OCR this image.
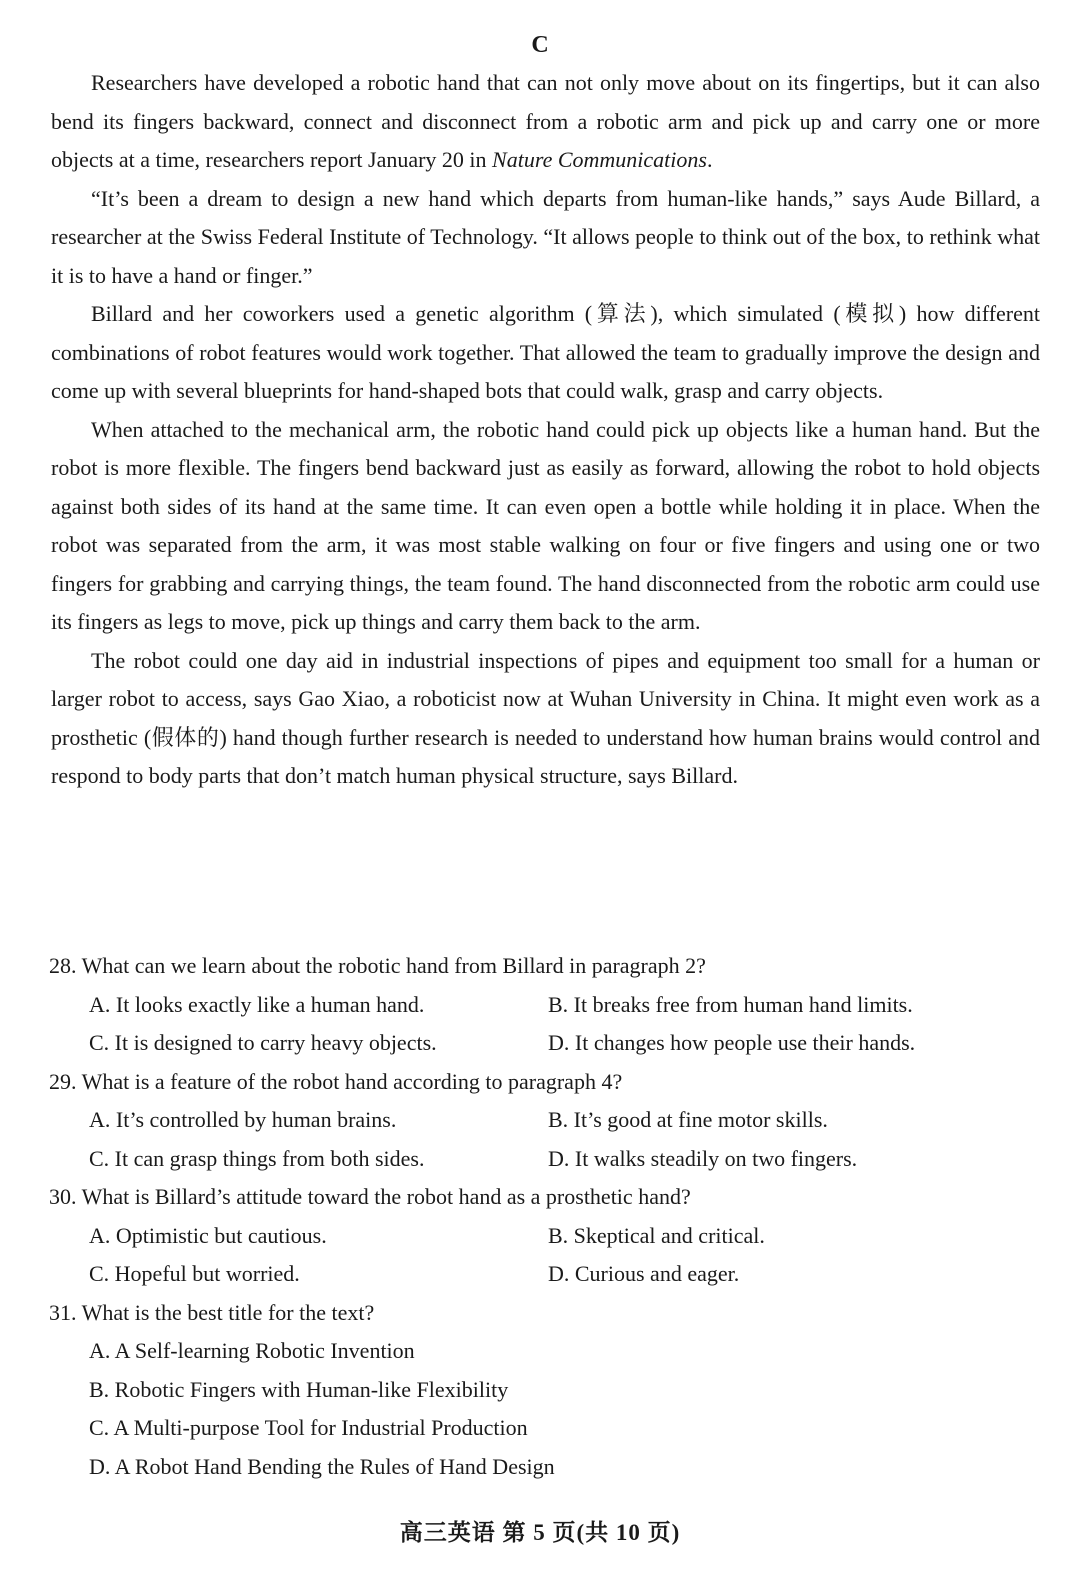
C

Researchers have developed a robotic hand that can not only move about on its fingertips, but it can also bend its fingers backward, connect and disconnect from a robotic arm and pick up and carry one or more objects at a time, researchers report January 20 in Nature Communications.

“It’s been a dream to design a new hand which departs from human-like hands,” says Aude Billard, a researcher at the Swiss Federal Institute of Technology. “It allows people to think out of the box, to rethink what it is to have a hand or finger.”

Billard and her coworkers used a genetic algorithm (算法), which simulated (模拟) how different combinations of robot features would work together. That allowed the team to gradually improve the design and come up with several blueprints for hand-shaped bots that could walk, grasp and carry objects.

When attached to the mechanical arm, the robotic hand could pick up objects like a human hand. But the robot is more flexible. The fingers bend backward just as easily as forward, allowing the robot to hold objects against both sides of its hand at the same time. It can even open a bottle while holding it in place. When the robot was separated from the arm, it was most stable walking on four or five fingers and using one or two fingers for grabbing and carrying things, the team found. The hand disconnected from the robotic arm could use its fingers as legs to move, pick up things and carry them back to the arm.

The robot could one day aid in industrial inspections of pipes and equipment too small for a human or larger robot to access, says Gao Xiao, a roboticist now at Wuhan University in China. It might even work as a prosthetic (假体的) hand though further research is needed to understand how human brains would control and respond to body parts that don’t match human physical structure, says Billard.

28. What can we learn about the robotic hand from Billard in paragraph 2?
A. It looks exactly like a human hand.	B. It breaks free from human hand limits.
C. It is designed to carry heavy objects.	D. It changes how people use their hands.
29. What is a feature of the robot hand according to paragraph 4?
A. It’s controlled by human brains.	B. It’s good at fine motor skills.
C. It can grasp things from both sides.	D. It walks steadily on two fingers.
30. What is Billard’s attitude toward the robot hand as a prosthetic hand?
A. Optimistic but cautious.	B. Skeptical and critical.
C. Hopeful but worried.	D. Curious and eager.
31. What is the best title for the text?
A. A Self-learning Robotic Invention
B. Robotic Fingers with Human-like Flexibility
C. A Multi-purpose Tool for Industrial Production
D. A Robot Hand Bending the Rules of Hand Design
高三英语 第 5 页(共 10 页)
